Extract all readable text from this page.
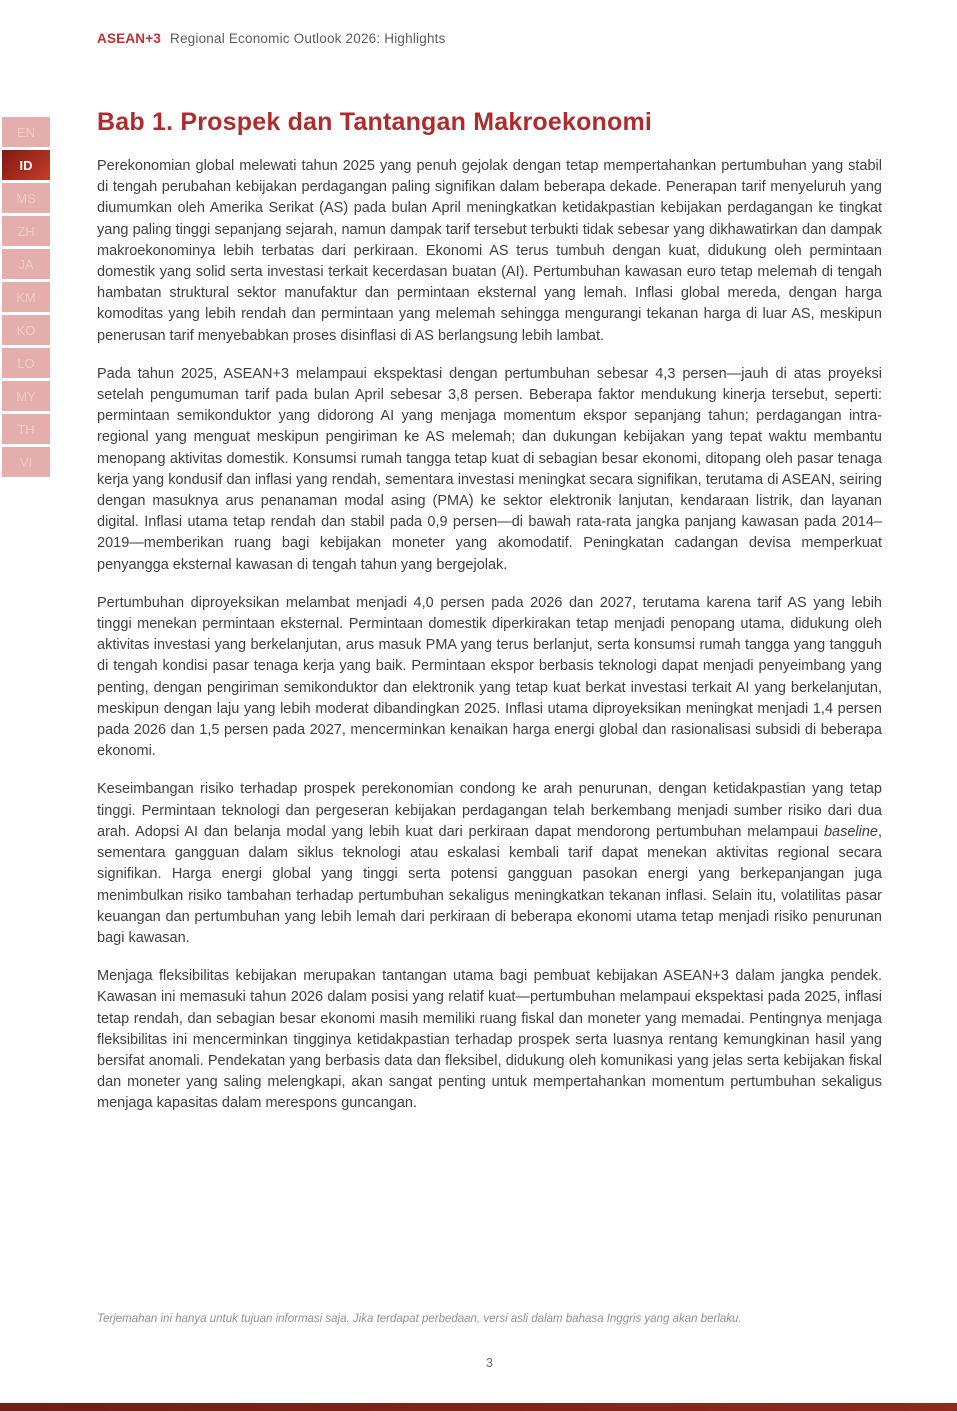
ASEAN+3 Regional Economic Outlook 2026: Highlights
EN
ID
MS
ZH
JA
KM
KO
LO
MY
TH
VI
Bab 1. Prospek dan Tantangan Makroekonomi

Perekonomian global melewati tahun 2025 yang penuh gejolak dengan tetap mempertahankan pertumbuhan yang stabil di tengah perubahan kebijakan perdagangan paling signifikan dalam beberapa dekade. Penerapan tarif menyeluruh yang diumumkan oleh Amerika Serikat (AS) pada bulan April meningkatkan ketidakpastian kebijakan perdagangan ke tingkat yang paling tinggi sepanjang sejarah, namun dampak tarif tersebut terbukti tidak sebesar yang dikhawatirkan dan dampak makroekonominya lebih terbatas dari perkiraan. Ekonomi AS terus tumbuh dengan kuat, didukung oleh permintaan domestik yang solid serta investasi terkait kecerdasan buatan (AI). Pertumbuhan kawasan euro tetap melemah di tengah hambatan struktural sektor manufaktur dan permintaan eksternal yang lemah. Inflasi global mereda, dengan harga komoditas yang lebih rendah dan permintaan yang melemah sehingga mengurangi tekanan harga di luar AS, meskipun penerusan tarif menyebabkan proses disinflasi di AS berlangsung lebih lambat.

Pada tahun 2025, ASEAN+3 melampaui ekspektasi dengan pertumbuhan sebesar 4,3 persen—jauh di atas proyeksi setelah pengumuman tarif pada bulan April sebesar 3,8 persen. Beberapa faktor mendukung kinerja tersebut, seperti: permintaan semikonduktor yang didorong AI yang menjaga momentum ekspor sepanjang tahun; perdagangan intra-regional yang menguat meskipun pengiriman ke AS melemah; dan dukungan kebijakan yang tepat waktu membantu menopang aktivitas domestik. Konsumsi rumah tangga tetap kuat di sebagian besar ekonomi, ditopang oleh pasar tenaga kerja yang kondusif dan inflasi yang rendah, sementara investasi meningkat secara signifikan, terutama di ASEAN, seiring dengan masuknya arus penanaman modal asing (PMA) ke sektor elektronik lanjutan, kendaraan listrik, dan layanan digital. Inflasi utama tetap rendah dan stabil pada 0,9 persen—di bawah rata-rata jangka panjang kawasan pada 2014–2019—memberikan ruang bagi kebijakan moneter yang akomodatif. Peningkatan cadangan devisa memperkuat penyangga eksternal kawasan di tengah tahun yang bergejolak.

Pertumbuhan diproyeksikan melambat menjadi 4,0 persen pada 2026 dan 2027, terutama karena tarif AS yang lebih tinggi menekan permintaan eksternal. Permintaan domestik diperkirakan tetap menjadi penopang utama, didukung oleh aktivitas investasi yang berkelanjutan, arus masuk PMA yang terus berlanjut, serta konsumsi rumah tangga yang tangguh di tengah kondisi pasar tenaga kerja yang baik. Permintaan ekspor berbasis teknologi dapat menjadi penyeimbang yang penting, dengan pengiriman semikonduktor dan elektronik yang tetap kuat berkat investasi terkait AI yang berkelanjutan, meskipun dengan laju yang lebih moderat dibandingkan 2025. Inflasi utama diproyeksikan meningkat menjadi 1,4 persen pada 2026 dan 1,5 persen pada 2027, mencerminkan kenaikan harga energi global dan rasionalisasi subsidi di beberapa ekonomi.

Keseimbangan risiko terhadap prospek perekonomian condong ke arah penurunan, dengan ketidakpastian yang tetap tinggi. Permintaan teknologi dan pergeseran kebijakan perdagangan telah berkembang menjadi sumber risiko dari dua arah. Adopsi AI dan belanja modal yang lebih kuat dari perkiraan dapat mendorong pertumbuhan melampaui baseline, sementara gangguan dalam siklus teknologi atau eskalasi kembali tarif dapat menekan aktivitas regional secara signifikan. Harga energi global yang tinggi serta potensi gangguan pasokan energi yang berkepanjangan juga menimbulkan risiko tambahan terhadap pertumbuhan sekaligus meningkatkan tekanan inflasi. Selain itu, volatilitas pasar keuangan dan pertumbuhan yang lebih lemah dari perkiraan di beberapa ekonomi utama tetap menjadi risiko penurunan bagi kawasan.

Menjaga fleksibilitas kebijakan merupakan tantangan utama bagi pembuat kebijakan ASEAN+3 dalam jangka pendek. Kawasan ini memasuki tahun 2026 dalam posisi yang relatif kuat—pertumbuhan melampaui ekspektasi pada 2025, inflasi tetap rendah, dan sebagian besar ekonomi masih memiliki ruang fiskal dan moneter yang memadai. Pentingnya menjaga fleksibilitas ini mencerminkan tingginya ketidakpastian terhadap prospek serta luasnya rentang kemungkinan hasil yang bersifat anomali. Pendekatan yang berbasis data dan fleksibel, didukung oleh komunikasi yang jelas serta kebijakan fiskal dan moneter yang saling melengkapi, akan sangat penting untuk mempertahankan momentum pertumbuhan sekaligus menjaga kapasitas dalam merespons guncangan.

Terjemahan ini hanya untuk tujuan informasi saja. Jika terdapat perbedaan, versi asli dalam bahasa Inggris yang akan berlaku.
3
